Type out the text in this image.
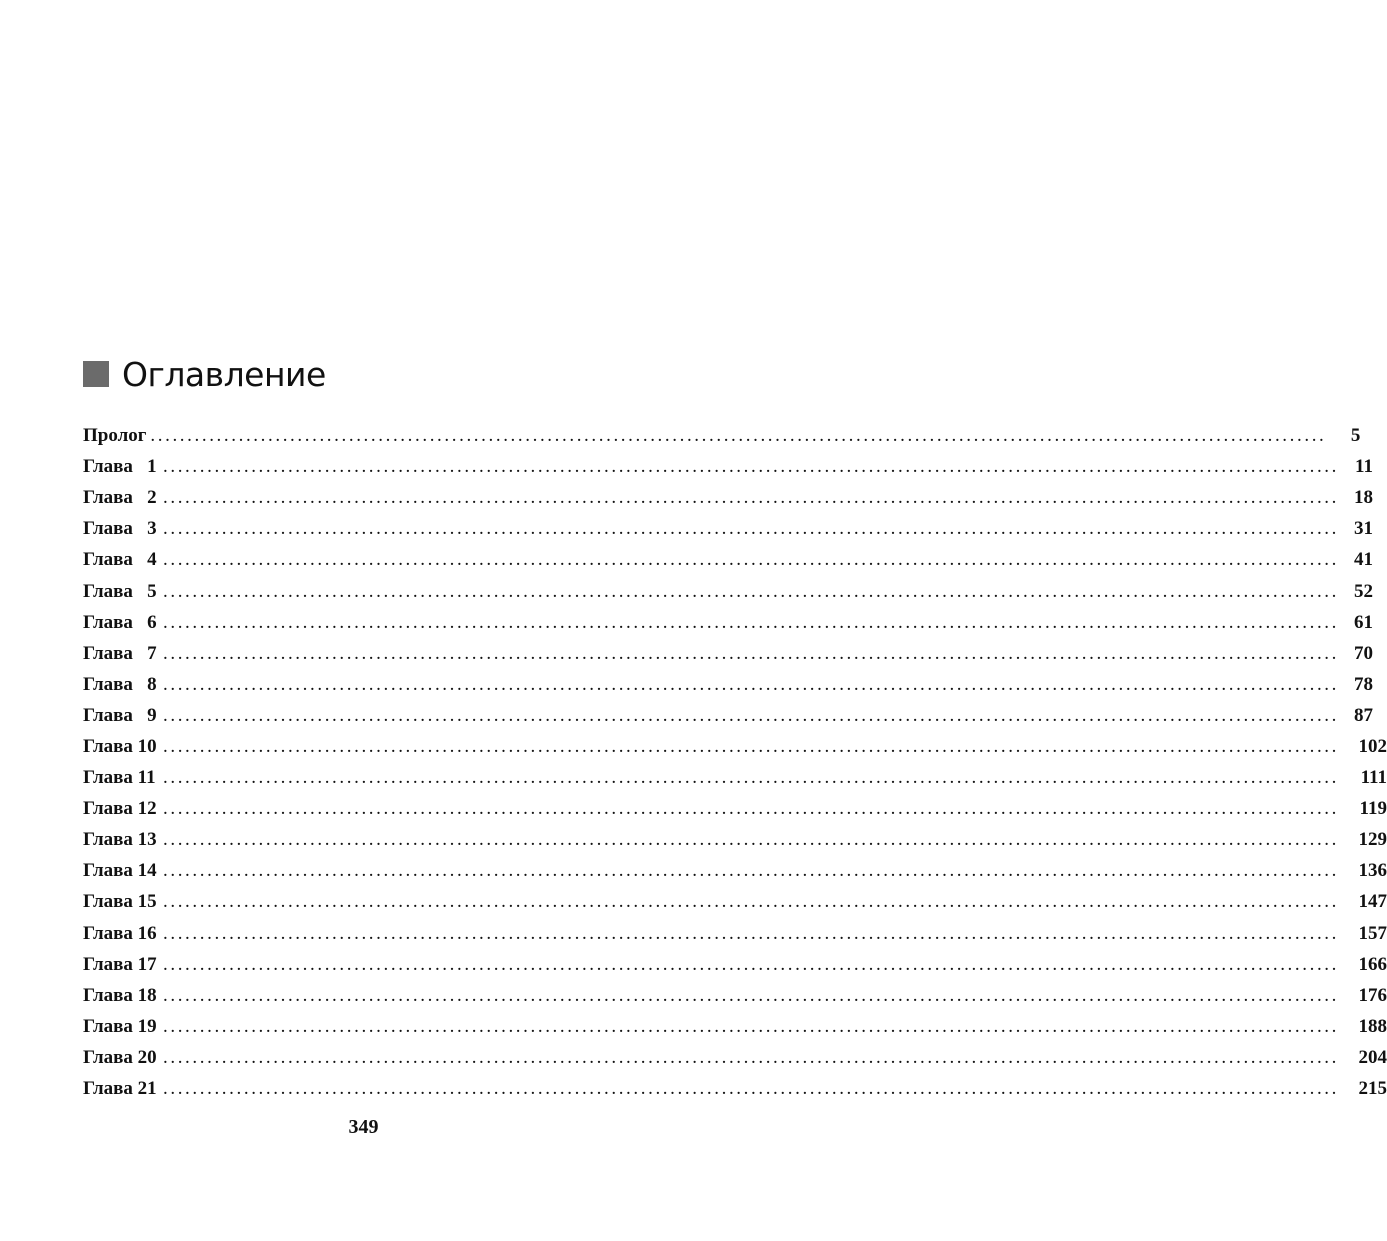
Оглавление
Пролог ................................................................................................................................................................	5
Глава   1 ................................................................................................................................................................ 11
Глава   2 ................................................................................................................................................................ 18
Глава   3 ................................................................................................................................................................ 31
Глава   4 ................................................................................................................................................................ 41
Глава   5 ................................................................................................................................................................ 52
Глава   6 ................................................................................................................................................................ 61
Глава   7 ................................................................................................................................................................ 70
Глава   8 ................................................................................................................................................................ 78
Глава   9 ................................................................................................................................................................ 87
Глава 10 ................................................................................................................................................................	102
Глава 11 ................................................................................................................................................................	111
Глава 12 ................................................................................................................................................................	119
Глава 13 ................................................................................................................................................................	129
Глава 14 ................................................................................................................................................................	136
Глава 15 ................................................................................................................................................................	147
Глава 16 ................................................................................................................................................................	157
Глава 17 ................................................................................................................................................................	166
Глава 18 ................................................................................................................................................................	176
Глава 19 ................................................................................................................................................................	188
Глава 20 ................................................................................................................................................................	204
Глава 21 ................................................................................................................................................................	215
349
